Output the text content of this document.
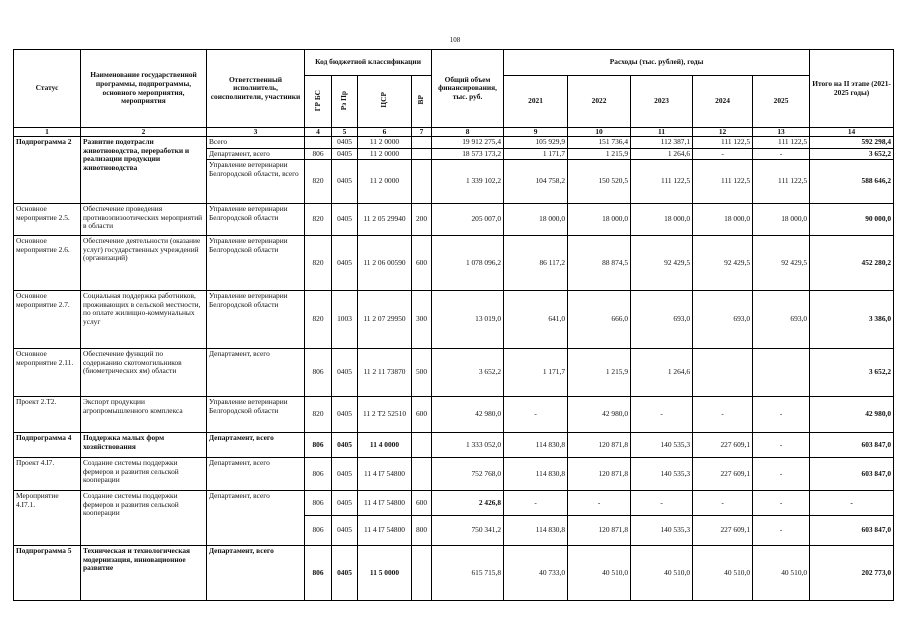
108
Статус	Наименование государственной программы, подпрограммы, основного мероприятия, мероприятия	Ответственный исполнитель, соисполнители, участники	Код бюджетной классификации				Общий объем финансирования, тыс. руб.	Расходы (тыс. рублей), годы					Итого на II этапе (2021-2025 годы)
			ГР БС	Рз Пр	ЦСР	ВР		2021	2022	2023	2024	2025	
1	2	3	4	5	6	7	8	9	10	11	12	13	14
Подпрограмма 2	Развитие подотрасли животноводства, переработки и реализации продукции животноводства	Всего		0405	11 2 0000		19 912 275,4	105 929,9	151 736,4	112 387,1	111 122,5	111 122,5	592 298,4
		Департамент, всего	806	0405	11 2 0000		18 573 173,2	1 171,7	1 215,9	1 264,6	-	-	3 652,2
		Управление ветеринарии Белгородской области, всего	820	0405	11 2 0000		1 339 102,2	104 758,2	150 520,5	111 122,5	111 122,5	111 122,5	588 646,2
Основное мероприятие 2.5.	Обеспечение проведения противоэпизоотических мероприятий в области	Управление ветеринарии Белгородской области	820	0405	11 2 05 29940	200	205 007,0	18 000,0	18 000,0	18 000,0	18 000,0	18 000,0	90 000,0
Основное мероприятие 2.6.	Обеспечение деятельности (оказание услуг) государственных учреждений (организаций)	Управление ветеринарии Белгородской области	820	0405	11 2 06 00590	600	1 078 096,2	86 117,2	88 874,5	92 429,5	92 429,5	92 429,5	452 280,2
Основное мероприятие 2.7.	Социальная поддержка работников, проживающих в сельской местности, по оплате жилищно-коммунальных услуг	Управление ветеринарии Белгородской области	820	1003	11 2 07 29950	300	13 019,0	641,0	666,0	693,0	693,0	693,0	3 386,0
Основное мероприятие 2.11.	Обеспечение функций по содержанию скотомогильников (биометрических ям) области	Департамент, всего	806	0405	11 2 11 73870	500	3 652,2	1 171,7	1 215,9	1 264,6			3 652,2
Проект 2.Т2.	Экспорт продукции агропромышленного комплекса	Управление ветеринарии Белгородской области	820	0405	11 2 Т2 52510	600	42 980,0	-	42 980,0	-	-	-	42 980,0
Подпрограмма 4	Поддержка малых форм хозяйствования	Департамент, всего	806	0405	11 4 0000		1 333 052,0	114 830,8	120 871,8	140 535,3	227 609,1	-	603 847,0
Проект 4.I7.	Создание системы поддержки фермеров и развития сельской кооперации	Департамент, всего	806	0405	11 4 I7 54800		752 768,0	114 830,8	120 871,8	140 535,3	227 609,1	-	603 847,0
Мероприятие 4.I7.1.	Создание системы поддержки фермеров и развития сельской кооперации	Департамент, всего	806	0405	11 4 I7 54800	600	2 426,8	-	-	-	-	-	-
			806	0405	11 4 I7 54800	800	750 341,2	114 830,8	120 871,8	140 535,3	227 609,1	-	603 847,0
Подпрограмма 5	Техническая и технологическая модернизация, инновационное развитие	Департамент, всего	806	0405	11 5 0000		615 715,8	40 733,0	40 510,0	40 510,0	40 510,0	40 510,0	202 773,0
